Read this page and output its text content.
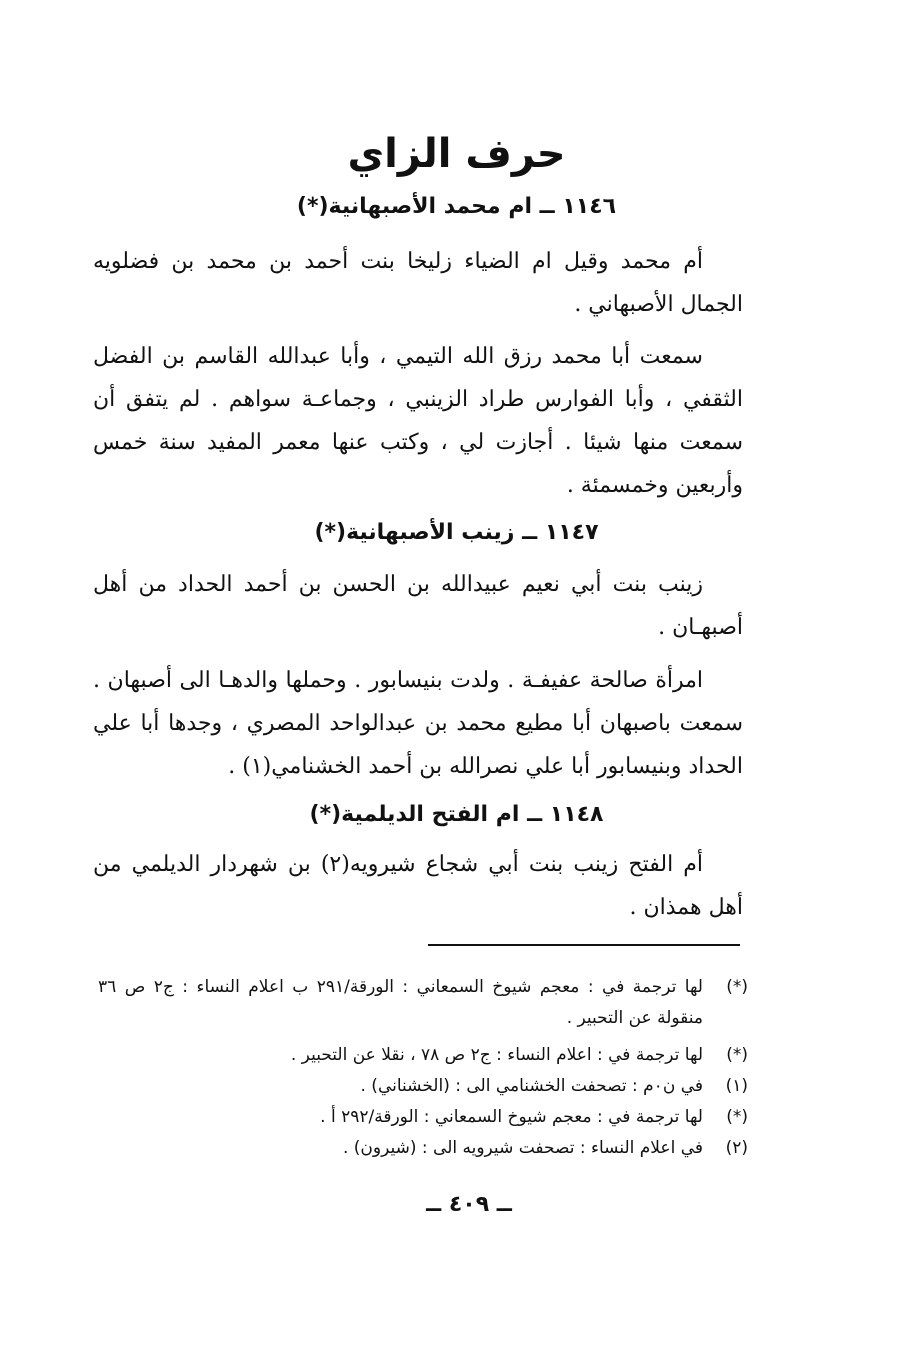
حرف الزاي
١١٤٦ ــ ام محمد الأصبهانية(*)
أم محمد وقيل ام الضياء زليخا بنت أحمد بن محمد بن فضلويه الجمال الأصبهاني .
سمعت أبا محمد رزق الله التيمي ، وأبا عبدالله القاسم بن الفضل الثقفي ، وأبا الفوارس طراد الزينبي ، وجماعـة سواهم . لم يتفق أن سمعت منها شيئا . أجازت لي ، وكتب عنها معمر المفيد سنة خمس وأربعين وخمسمئة .
١١٤٧ ــ زينب الأصبهانية(*)
زينب بنت أبي نعيم عبيدالله بن الحسن بن أحمد الحداد من أهل أصبهـان .
امرأة صالحة عفيفـة . ولدت بنيسابور . وحملها والدهـا الى أصبهان . سمعت باصبهان أبا مطيع محمد بن عبدالواحد المصري ، وجدها أبا علي الحداد وبنيسابور أبا علي نصرالله بن أحمد الخشنامي(١) .
١١٤٨ ــ ام الفتح الديلمية(*)
أم الفتح زينب بنت أبي شجاع شيرويه(٢) بن شهردار الديلمي من أهل همذان .
(*)
لها ترجمة في : معجم شيوخ السمعاني : الورقة/٢٩١ ب اعلام النساء : ج٢ ص ٣٦ منقولة عن التحبير .
(*)
لها ترجمة في : اعلام النساء : ج٢ ص ٧٨ ، نقلا عن التحبير .
(١)
في ن٠م : تصحفت الخشنامي الى : (الخشناني) .
(*)
لها ترجمة في : معجم شيوخ السمعاني : الورقة/٢٩٢ أ .
(٢)
في اعلام النساء : تصحفت شيرويه الى : (شيرون) .
ــ ٤٠٩ ــ
